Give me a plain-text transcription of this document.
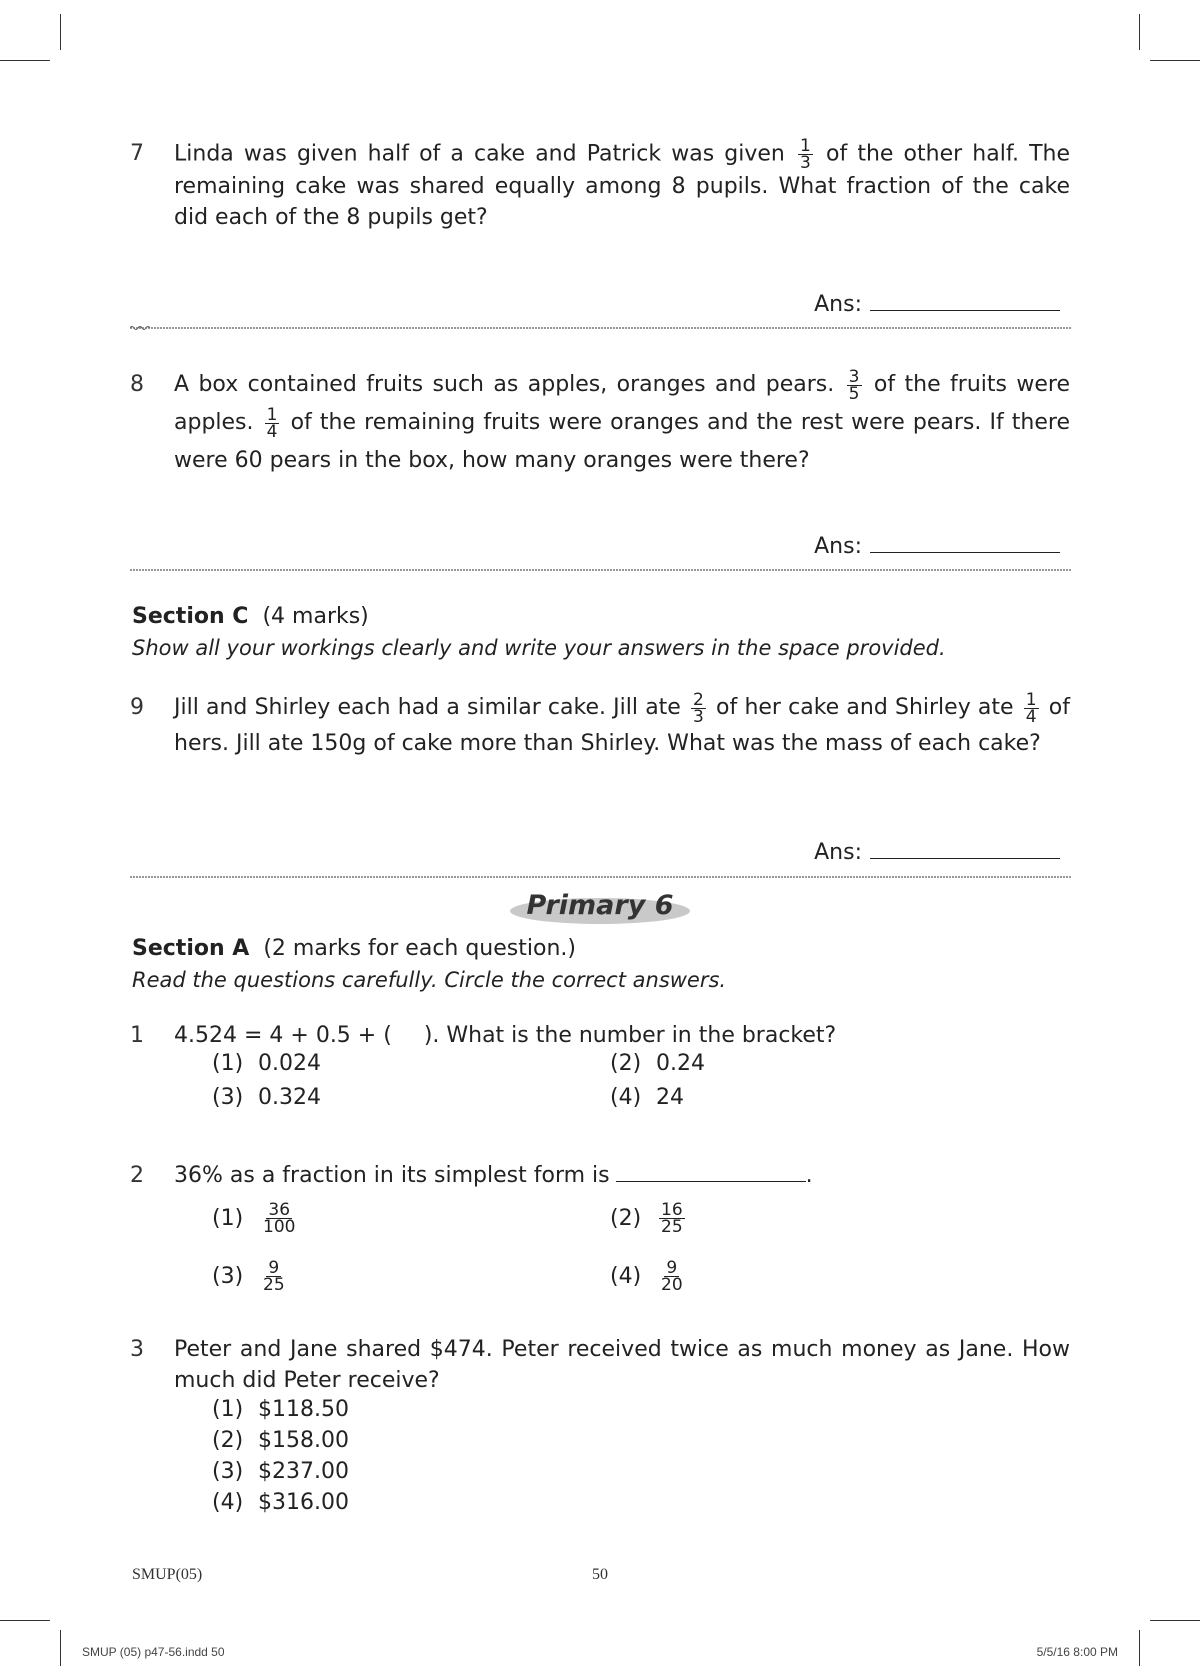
7	Linda was given half of a cake and Patrick was given $\frac{1}{3}$ of the other half. The remaining cake was shared equally among 8 pupils. What fraction of the cake did each of the 8 pupils get?
Ans:
8	A box contained fruits such as apples, oranges and pears. $\frac{3}{5}$ of the fruits were apples. $\frac{1}{4}$ of the remaining fruits were oranges and the rest were pears. If there were 60 pears in the box, how many oranges were there?
Ans:
Section C (4 marks)
Show all your workings clearly and write your answers in the space provided.
9	Jill and Shirley each had a similar cake. Jill ate $\frac{2}{3}$ of her cake and Shirley ate $\frac{1}{4}$ of hers. Jill ate 150g of cake more than Shirley. What was the mass of each cake?
Ans:
Primary 6
Section A (2 marks for each question.)
Read the questions carefully. Circle the correct answers.
1	4.524 = 4 + 0.5 + ( ). What is the number in the bracket?
(1) 0.024	(2) 0.24
(3) 0.324	(4) 24
2	36% as a fraction in its simplest form is	.
$(1) \frac{36}{100}$	$(2) \frac{16}{25}$
$(3) \frac{9}{25}$	$(4) \frac{9}{20}$
3	Peter and Jane shared $474. Peter received twice as much money as Jane. How much did Peter receive?
(1) $118.50
(2) $158.00
(3) $237.00
(4) $316.00
SMUP(05)	50
SMUP (05) p47-56.indd 50	5/5/16 8:00 PM
